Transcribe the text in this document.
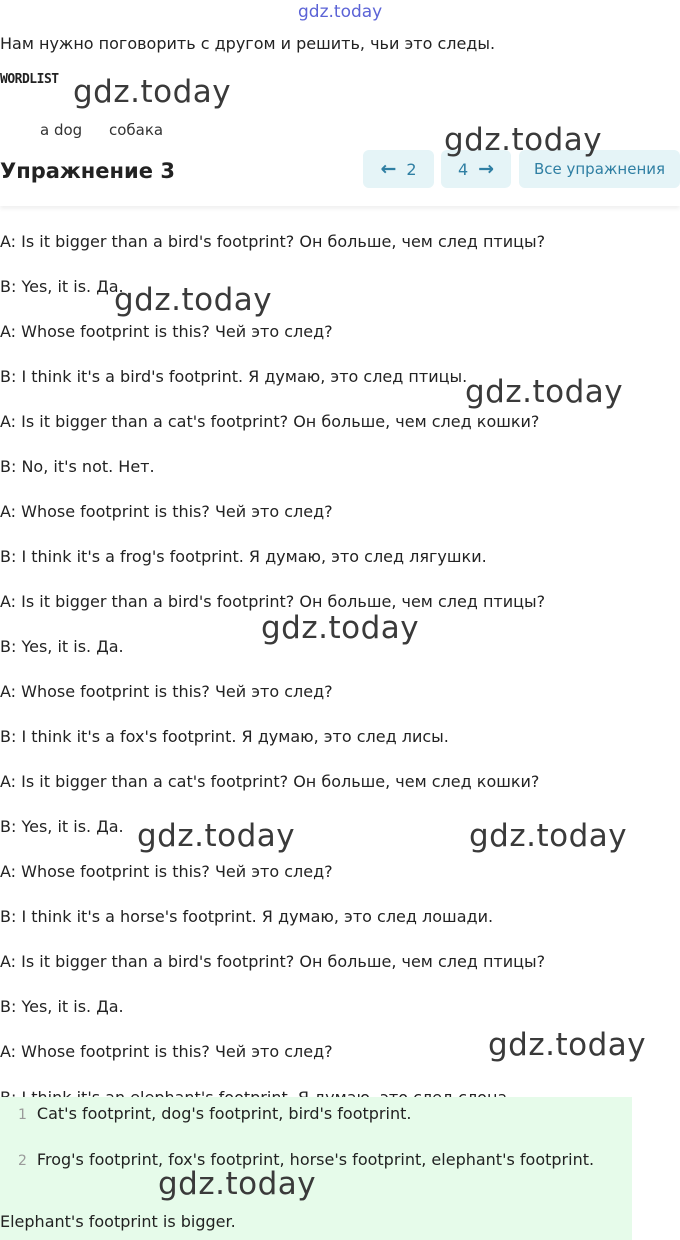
gdz.today
Нам нужно поговорить с другом и решить, чьи это следы.
WORDLIST
a dog собака
Упражнение 3	← 2	4 →	Все упражнения
A: Is it bigger than a bird's footprint? Он больше, чем след птицы?
B: Yes, it is. Да.
A: Whose footprint is this? Чей это след?
B: I think it's a bird's footprint. Я думаю, это след птицы.
A: Is it bigger than a cat's footprint? Он больше, чем след кошки?
B: No, it's not. Нет.
A: Whose footprint is this? Чей это след?
B: I think it's a frog's footprint. Я думаю, это след лягушки.
A: Is it bigger than a bird's footprint? Он больше, чем след птицы?
B: Yes, it is. Да.
A: Whose footprint is this? Чей это след?
B: I think it's a fox's footprint. Я думаю, это след лисы.
A: Is it bigger than a cat's footprint? Он больше, чем след кошки?
B: Yes, it is. Да.
A: Whose footprint is this? Чей это след?
B: I think it's a horse's footprint. Я думаю, это след лошади.
A: Is it bigger than a bird's footprint? Он больше, чем след птицы?
B: Yes, it is. Да.
A: Whose footprint is this? Чей это след?
1 Cat's footprint, dog's footprint, bird's footprint.
2 Frog's footprint, fox's footprint, horse's footprint, elephant's footprint.
Elephant's footprint is bigger.
gdz.today
gdz.today
gdz.today
gdz.today
gdz.today
gdz.today	gdz.today
gdz.today
gdz.today
